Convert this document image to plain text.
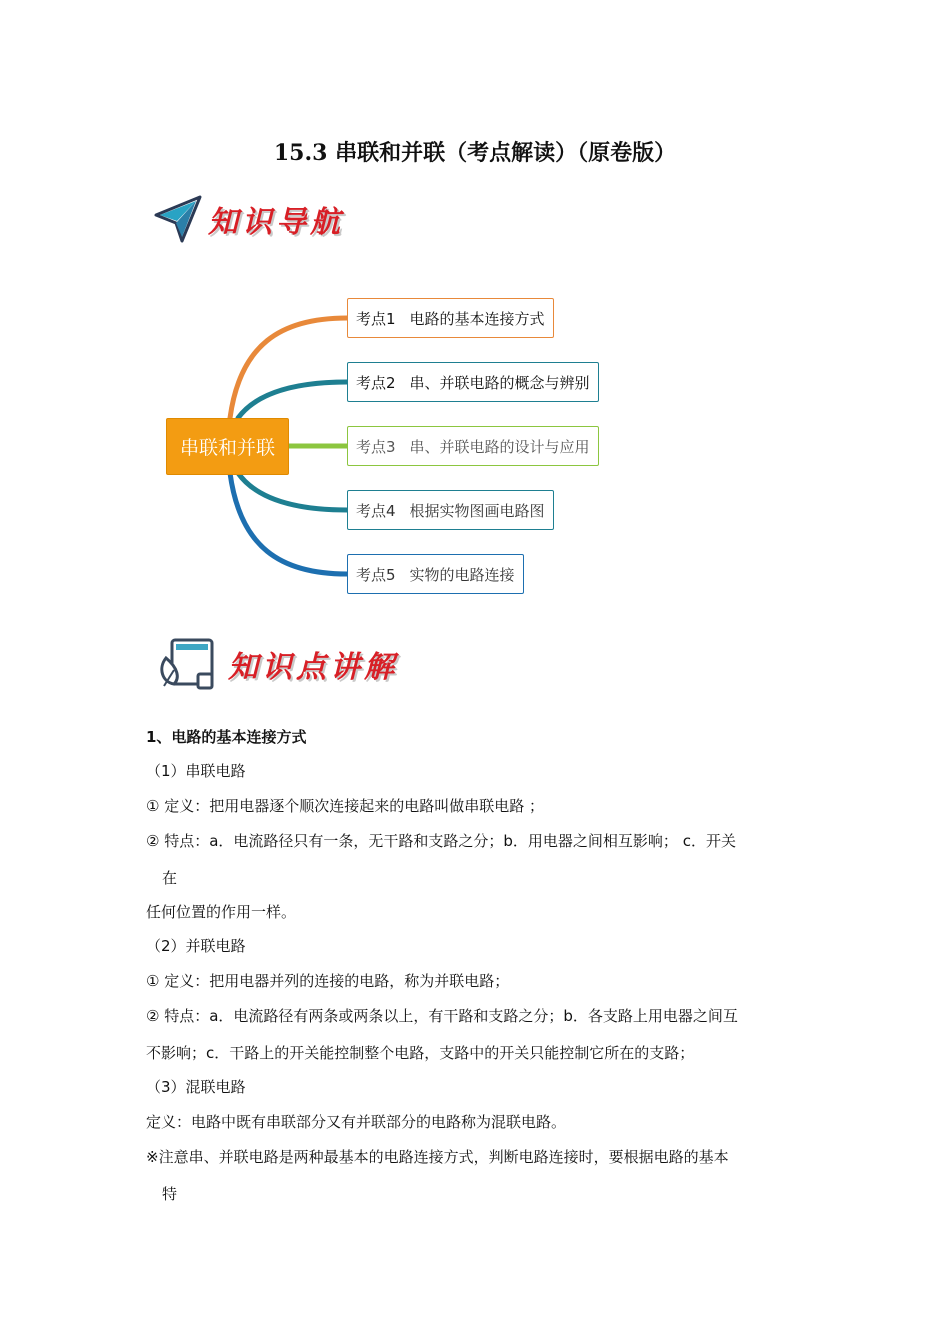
15.3 串联和并联（考点解读）（原卷版）
知识导航
串联和并联
考点1 电路的基本连接方式
考点2 串、并联电路的概念与辨别
考点3 串、并联电路的设计与应用
考点4 根据实物图画电路图
考点5 实物的电路连接
知识点讲解
1、电路的基本连接方式
（1）串联电路
① 定义：把用电器逐个顺次连接起来的电路叫做串联电路 ；
② 特点：a．电流路径只有一条，无干路和支路之分；b．用电器之间相互影响； c．开关
在
任何位置的作用一样。
（2）并联电路
① 定义：把用电器并列的连接的电路，称为并联电路；
② 特点：a．电流路径有两条或两条以上，有干路和支路之分；b．各支路上用电器之间互
不影响；c．干路上的开关能控制整个电路，支路中的开关只能控制它所在的支路；
（3）混联电路
定义：电路中既有串联部分又有并联部分的电路称为混联电路。
※注意串、并联电路是两种最基本的电路连接方式，判断电路连接时，要根据电路的基本
特
